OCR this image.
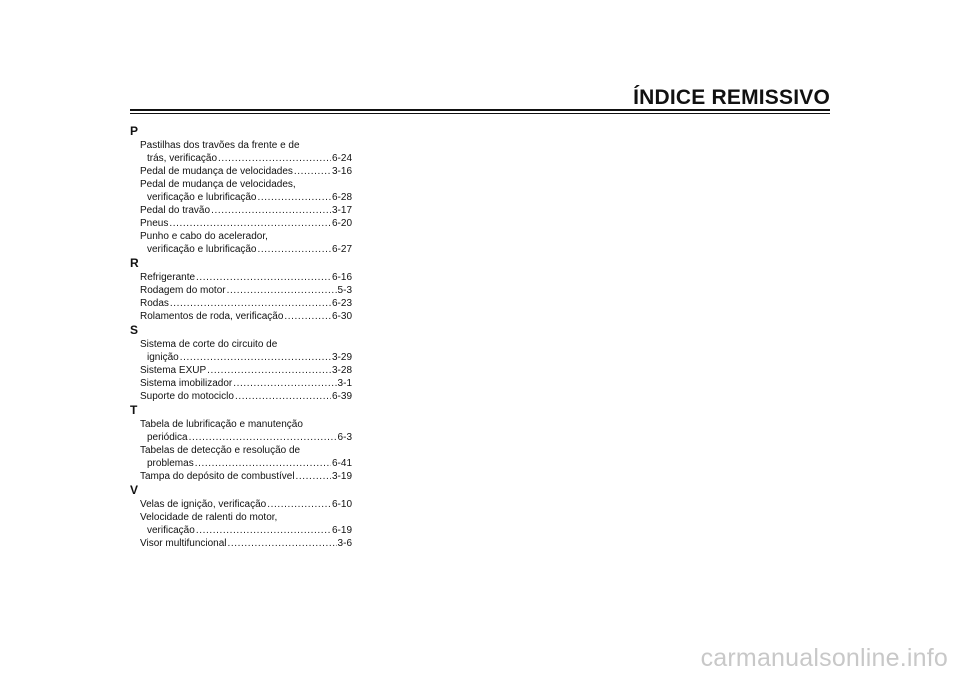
ÍNDICE REMISSIVO
P
Pastilhas dos travões da frente e de
trás, verificação .....	6-24
Pedal de mudança de velocidades .....	3-16
Pedal de mudança de velocidades,
verificação e lubrificação .....	6-28
Pedal do travão .....	3-17
Pneus .....	6-20
Punho e cabo do acelerador,
verificação e lubrificação .....	6-27
R
Refrigerante .....	6-16
Rodagem do motor .....	5-3
Rodas .....	6-23
Rolamentos de roda, verificação .....	6-30
S
Sistema de corte do circuito de
ignição .....	3-29
Sistema EXUP .....	3-28
Sistema imobilizador .....	3-1
Suporte do motociclo .....	6-39
T
Tabela de lubrificação e manutenção
periódica .....	6-3
Tabelas de detecção e resolução de
problemas .....	6-41
Tampa do depósito de combustível .....	3-19
V
Velas de ignição, verificação .....	6-10
Velocidade de ralenti do motor,
verificação .....	6-19
Visor multifuncional .....	3-6
carmanualsonline.info
